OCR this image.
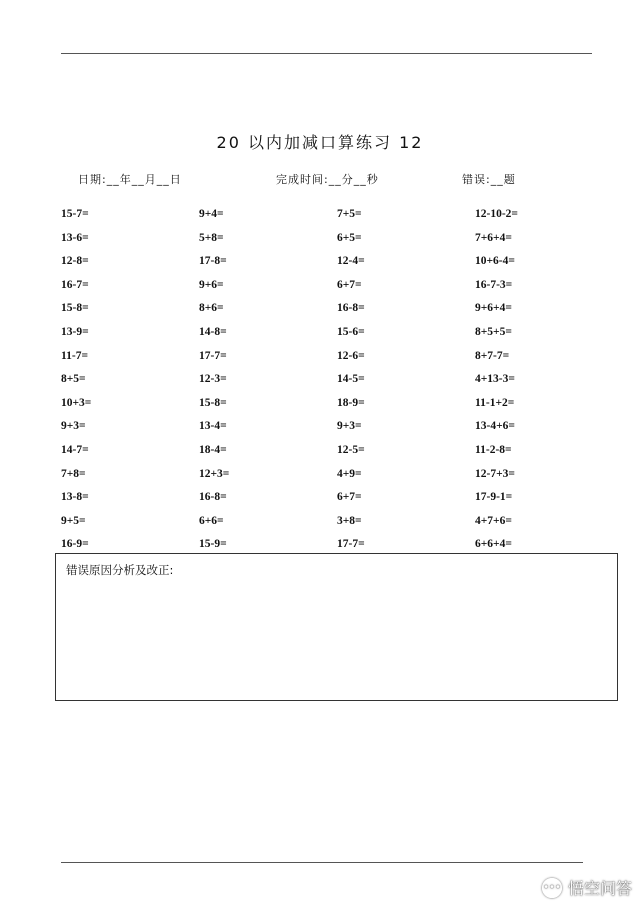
20 以内加减口算练习 12
日期:__年__月__日	完成时间:__分__秒	错误:__题
15-7=	9+4=	7+5=	12-10-2=
13-6=	5+8=	6+5=	7+6+4=
12-8=	17-8=	12-4=	10+6-4=
16-7=	9+6=	6+7=	16-7-3=
15-8=	8+6=	16-8=	9+6+4=
13-9=	14-8=	15-6=	8+5+5=
11-7=	17-7=	12-6=	8+7-7=
8+5=	12-3=	14-5=	4+13-3=
10+3=	15-8=	18-9=	11-1+2=
9+3=	13-4=	9+3=	13-4+6=
14-7=	18-4=	12-5=	11-2-8=
7+8=	12+3=	4+9=	12-7+3=
13-8=	16-8=	6+7=	17-9-1=
9+5=	6+6=	3+8=	4+7+6=
16-9=	15-9=	17-7=	6+6+4=
错误原因分析及改正:
••• 悟空问答
